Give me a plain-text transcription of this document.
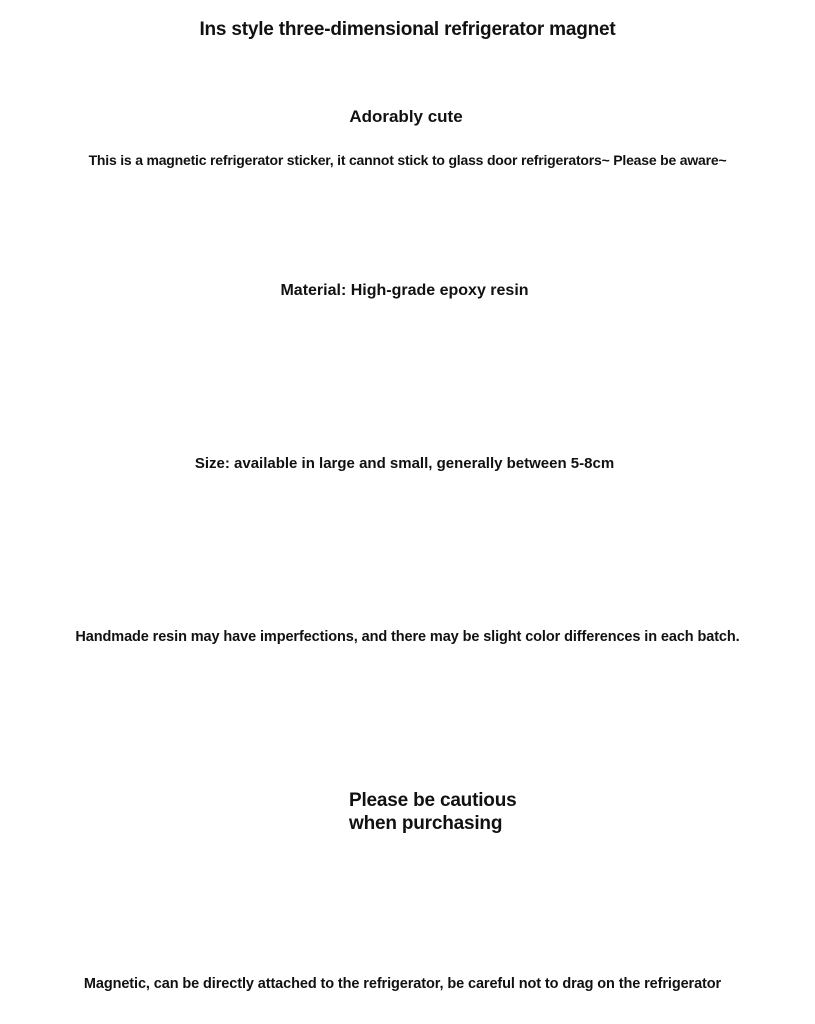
Ins style three-dimensional refrigerator magnet
Adorably cute
This is a magnetic refrigerator sticker, it cannot stick to glass door refrigerators~ Please be aware~
Material: High-grade epoxy resin
Size: available in large and small, generally between 5-8cm
Handmade resin may have imperfections, and there may be slight color differences in each batch.
Please be cautious
when purchasing
Magnetic, can be directly attached to the refrigerator, be careful not to drag on the refrigerator
